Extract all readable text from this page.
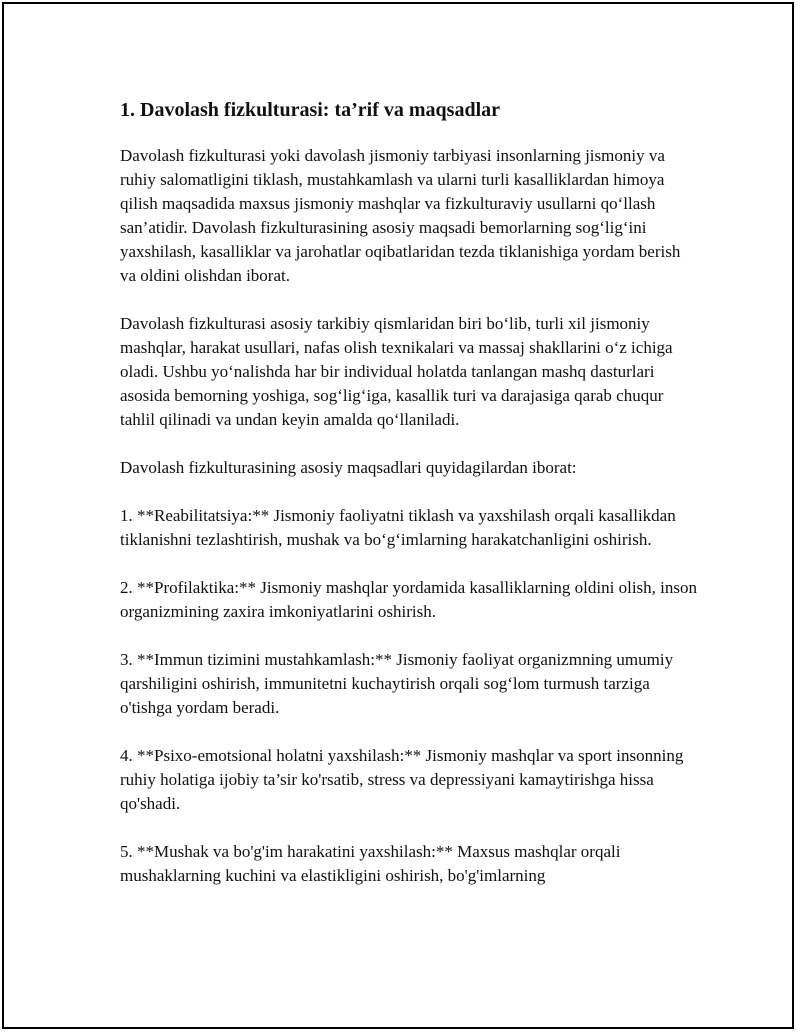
1. Davolash fizkulturasi: ta’rif va maqsadlar

Davolash fizkulturasi yoki davolash jismoniy tarbiyasi insonlarning jismoniy va ruhiy salomatligini tiklash, mustahkamlash va ularni turli kasalliklardan himoya qilish maqsadida maxsus jismoniy mashqlar va fizkulturaviy usullarni qo‘llash san’atidir. Davolash fizkulturasining asosiy maqsadi bemorlarning sog‘lig‘ini yaxshilash, kasalliklar va jarohatlar oqibatlaridan tezda tiklanishiga yordam berish va oldini olishdan iborat.

Davolash fizkulturasi asosiy tarkibiy qismlaridan biri bo‘lib, turli xil jismoniy mashqlar, harakat usullari, nafas olish texnikalari va massaj shakllarini o‘z ichiga oladi. Ushbu yo‘nalishda har bir individual holatda tanlangan mashq dasturlari asosida bemorning yoshiga, sog‘lig‘iga, kasallik turi va darajasiga qarab chuqur tahlil qilinadi va undan keyin amalda qo‘llaniladi.

Davolash fizkulturasining asosiy maqsadlari quyidagilardan iborat:

1. **Reabilitatsiya:** Jismoniy faoliyatni tiklash va yaxshilash orqali kasallikdan tiklanishni tezlashtirish, mushak va bo‘g‘imlarning harakatchanligini oshirish.

2. **Profilaktika:** Jismoniy mashqlar yordamida kasalliklarning oldini olish, inson organizmining zaxira imkoniyatlarini oshirish.

3. **Immun tizimini mustahkamlash:** Jismoniy faoliyat organizmning umumiy qarshiligini oshirish, immunitetni kuchaytirish orqali sog‘lom turmush tarziga o'tishga yordam beradi.

4. **Psixo-emotsional holatni yaxshilash:** Jismoniy mashqlar va sport insonning ruhiy holatiga ijobiy ta’sir ko'rsatib, stress va depressiyani kamaytirishga hissa qo'shadi.

5. **Mushak va bo'g'im harakatini yaxshilash:** Maxsus mashqlar orqali mushaklarning kuchini va elastikligini oshirish, bo'g'imlarning
